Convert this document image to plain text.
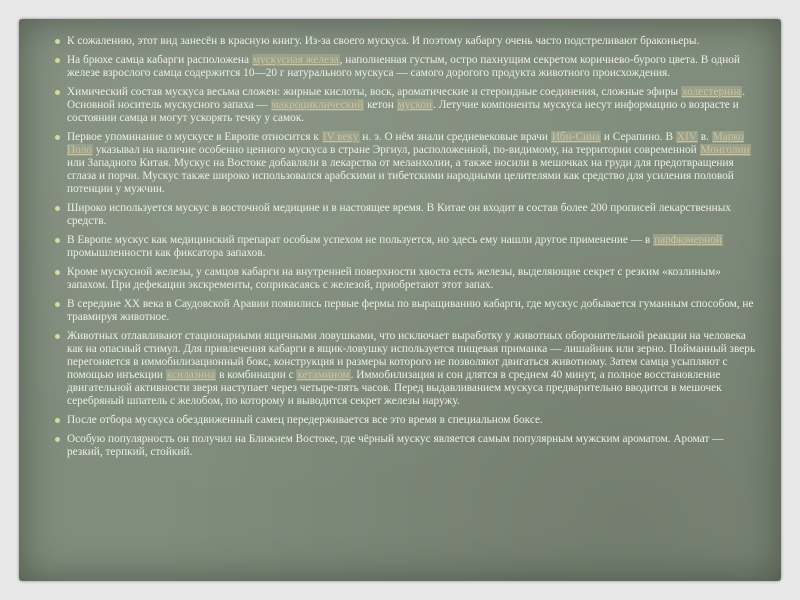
К сожалению, этот вид занесён в красную книгу. Из-за своего мускуса. И поэтому кабаргу очень часто подстреливают браконьеры.
На брюхе самца кабарги расположена мускусная железа, наполненная густым, остро пахнущим секретом коричнево-бурого цвета. В одной железе взрослого самца содержится 10—20 г натурального мускуса — самого дорогого продукта животного происхождения.
Химический состав мускуса весьма сложен: жирные кислоты, воск, ароматические и стероидные соединения, сложные эфиры холестерина. Основной носитель мускусного запаха — макроциклический кетон мускон. Летучие компоненты мускуса несут информацию о возрасте и состоянии самца и могут ускорять течку у самок.
Первое упоминание о мускусе в Европе относится к IV веку н. э. О нём знали средневековые врачи Ибн-Сина и Серапино. В XIV в. Марко Поло указывал на наличие особенно ценного мускуса в стране Эргиул, расположенной, по-видимому, на территории современной Монголии или Западного Китая. Мускус на Востоке добавляли в лекарства от меланхолии, а также носили в мешочках на груди для предотвращения сглаза и порчи. Мускус также широко использовался арабскими и тибетскими народными целителями как средство для усиления половой потенции у мужчин.
Широко используется мускус в восточной медицине и в настоящее время. В Китае он входит в состав более 200 прописей лекарственных средств.
В Европе мускус как медицинский препарат особым успехом не пользуется, но здесь ему нашли другое применение — в парфюмерной промышленности как фиксатора запахов.
Кроме мускусной железы, у самцов кабарги на внутренней поверхности хвоста есть железы, выделяющие секрет с резким «козлиным» запахом. При дефекации экскременты, соприкасаясь с железой, приобретают этот запах.
В середине XX века в Саудовской Аравии появились первые фермы по выращиванию кабарги, где мускус добывается гуманным способом, не травмируя животное.
Животных отлавливают стационарными ящичными ловушками, что исключает выработку у животных оборонительной реакции на человека как на опасный стимул. Для привлечения кабарги в ящик-ловушку используется пищевая приманка — лишайник или зерно. Пойманный зверь перегоняется в иммобилизационный бокс, конструкция и размеры которого не позволяют двигаться животному. Затем самца усыпляют с помощью инъекции ксилазина в комбинации с кетамином. Иммобилизация и сон длятся в среднем 40 минут, а полное восстановление двигательной активности зверя наступает через четыре-пять часов. Перед выдавливанием мускуса предварительно вводится в мешочек серебряный шпатель с желобом, по которому и выводится секрет железы наружу.
После отбора мускуса обездвиженный самец передерживается все это время в специальном боксе.
Особую популярность он получил на Ближнем Востоке, где чёрный мускус является самым популярным мужским ароматом. Аромат — резкий, терпкий, стойкий.
